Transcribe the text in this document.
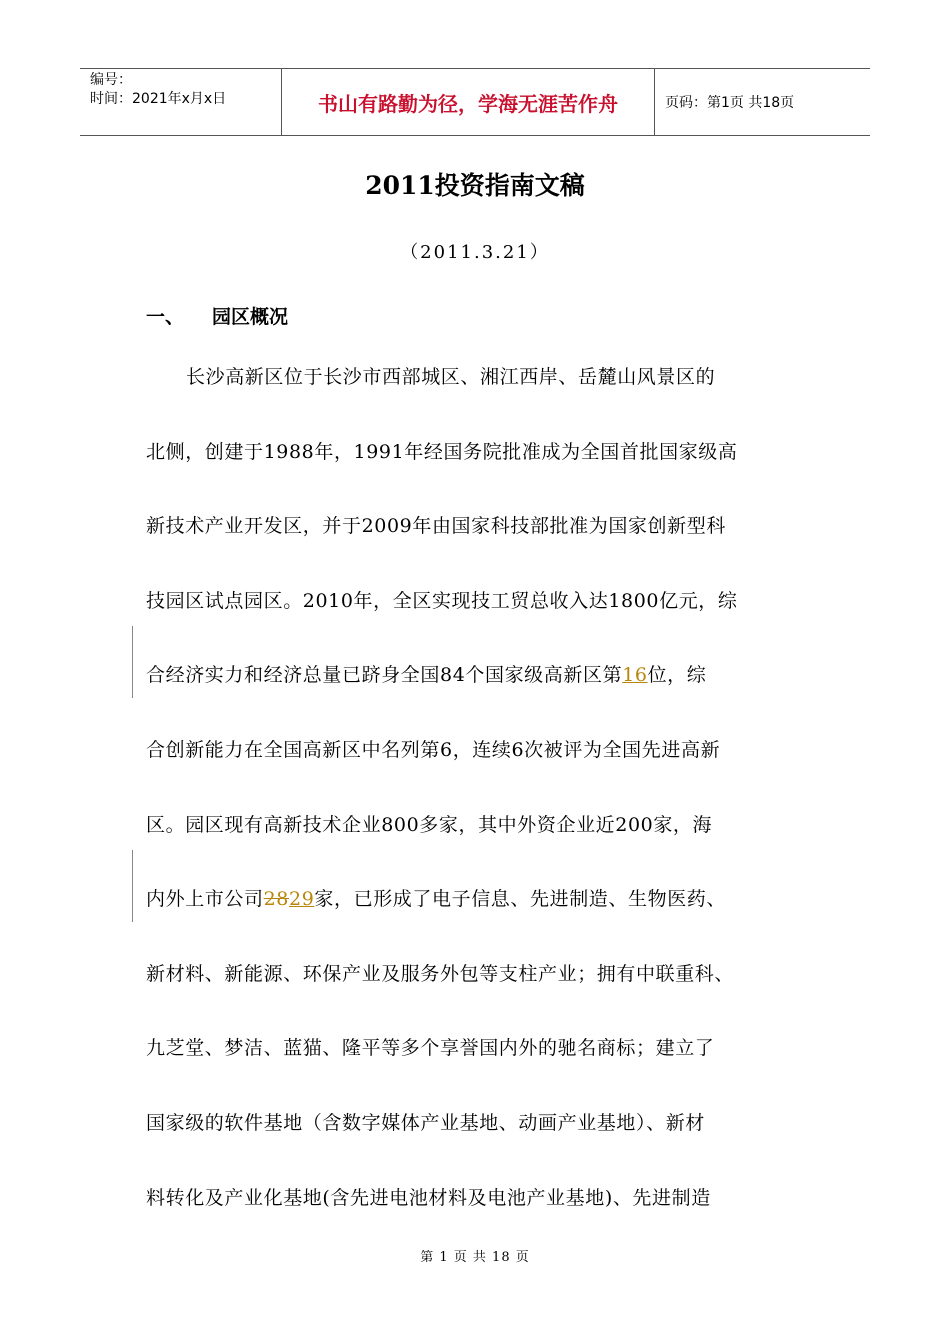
编号：
时间：2021年x月x日	书山有路勤为径，学海无涯苦作舟	页码：第1页 共18页
2011投资指南文稿
（2011.3.21）
一、	园区概况
长沙高新区位于长沙市西部城区、湘江西岸、岳麓山风景区的
北侧，创建于1988年，1991年经国务院批准成为全国首批国家级高
新技术产业开发区，并于2009年由国家科技部批准为国家创新型科
技园区试点园区。2010年，全区实现技工贸总收入达1800亿元，综
合经济实力和经济总量已跻身全国84个国家级高新区第16位，综
合创新能力在全国高新区中名列第6，连续6次被评为全国先进高新
区。园区现有高新技术企业800多家，其中外资企业近200家，海
内外上市公司2829家，已形成了电子信息、先进制造、生物医药、
新材料、新能源、环保产业及服务外包等支柱产业；拥有中联重科、
九芝堂、梦洁、蓝猫、隆平等多个享誉国内外的驰名商标；建立了
国家级的软件基地（含数字媒体产业基地、动画产业基地）、新材
料转化及产业化基地(含先进电池材料及电池产业基地)、先进制造
第 1 页 共 18 页
